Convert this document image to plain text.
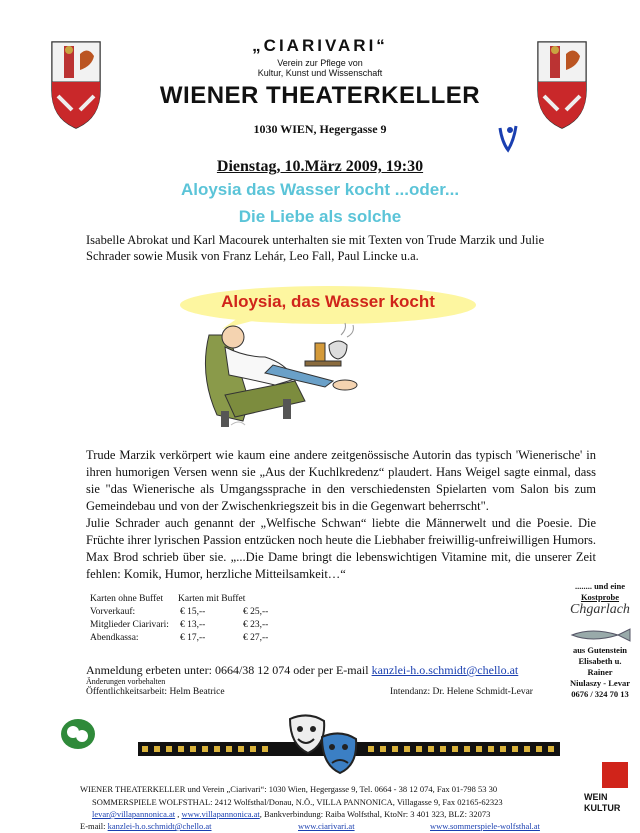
„CIARIVARI“
Verein zur Pflege von
Kultur, Kunst und Wissenschaft
WIENER THEATERKELLER
1030 WIEN, Hegergasse 9
Dienstag, 10.März 2009, 19:30
Aloysia das Wasser kocht ...oder...
Die Liebe als solche
Isabelle Abrokat und Karl Macourek unterhalten sie mit Texten von Trude Marzik und Julie
Schrader sowie Musik von Franz Lehár, Leo Fall, Paul Lincke u.a.
Aloysia, das Wasser kocht
Trude Marzik verkörpert wie kaum eine andere zeitgenössische Autorin das typisch 'Wienerische' in ihren humorigen Versen wenn sie „Aus der Kuchlkredenz“ plaudert. Hans Weigel sagte einmal, dass sie "das Wienerische als Umgangssprache in den verschiedensten Spielarten vom Salon bis zum Gemeindebau und von der Zwischenkriegszeit bis in die Gegenwart beherrscht".
Julie Schrader auch genannt der „Welfische Schwan“ liebte die Männerwelt und die Poesie. Die Früchte ihrer lyrischen Passion entzücken noch heute die Liebhaber freiwillig-unfreiwilligen Humors. Max Brod schrieb über sie. „...Die Dame bringt die lebenswichtigen Vitamine mit, die unserer Zeit fehlen: Komik, Humor, herzliche Mitteilsamkeit…“
Karten ohne Buffet Karten mit Buffet
Vorverkauf:	€ 15,--	€ 25,--
Mitglieder Ciarivari: € 13,--	€ 23,--
Abendkassa:	€ 17,--	€ 27,--
........ und eine
Kostprobe
Chgarlach
aus Gutenstein
Elisabeth u.
Rainer
Niulaszy - Levar
0676 / 324 70 13
Anmeldung erbeten unter: 0664/38 12 074 oder per E-mail kanzlei-h.o.schmidt@chello.at
Änderungen vorbehalten
Öffentlichkeitsarbeit: Helm Beatrice	Intendanz: Dr. Helene Schmidt-Levar
WIENER THEATERKELLER und Verein „Ciarivari“: 1030 Wien, Hegergasse 9, Tel. 0664 - 38 12 074, Fax 01-798 53 30
SOMMERSPIELE WOLFSTHAL: 2412 Wolfsthal/Donau, N.Ö., VILLA PANNONICA, Villagasse 9, Fax 02165-62323
levar@villapannonica.at , www.villapannonica.at, Bankverbindung: Raiba Wolfsthal, KtoNr: 3 401 323, BLZ: 32073
E-mail: kanzlei-h.o.schmidt@chello.at	www.ciarivari.at	www.sommerspiele-wolfsthal.at
WEIN
KULTUR
